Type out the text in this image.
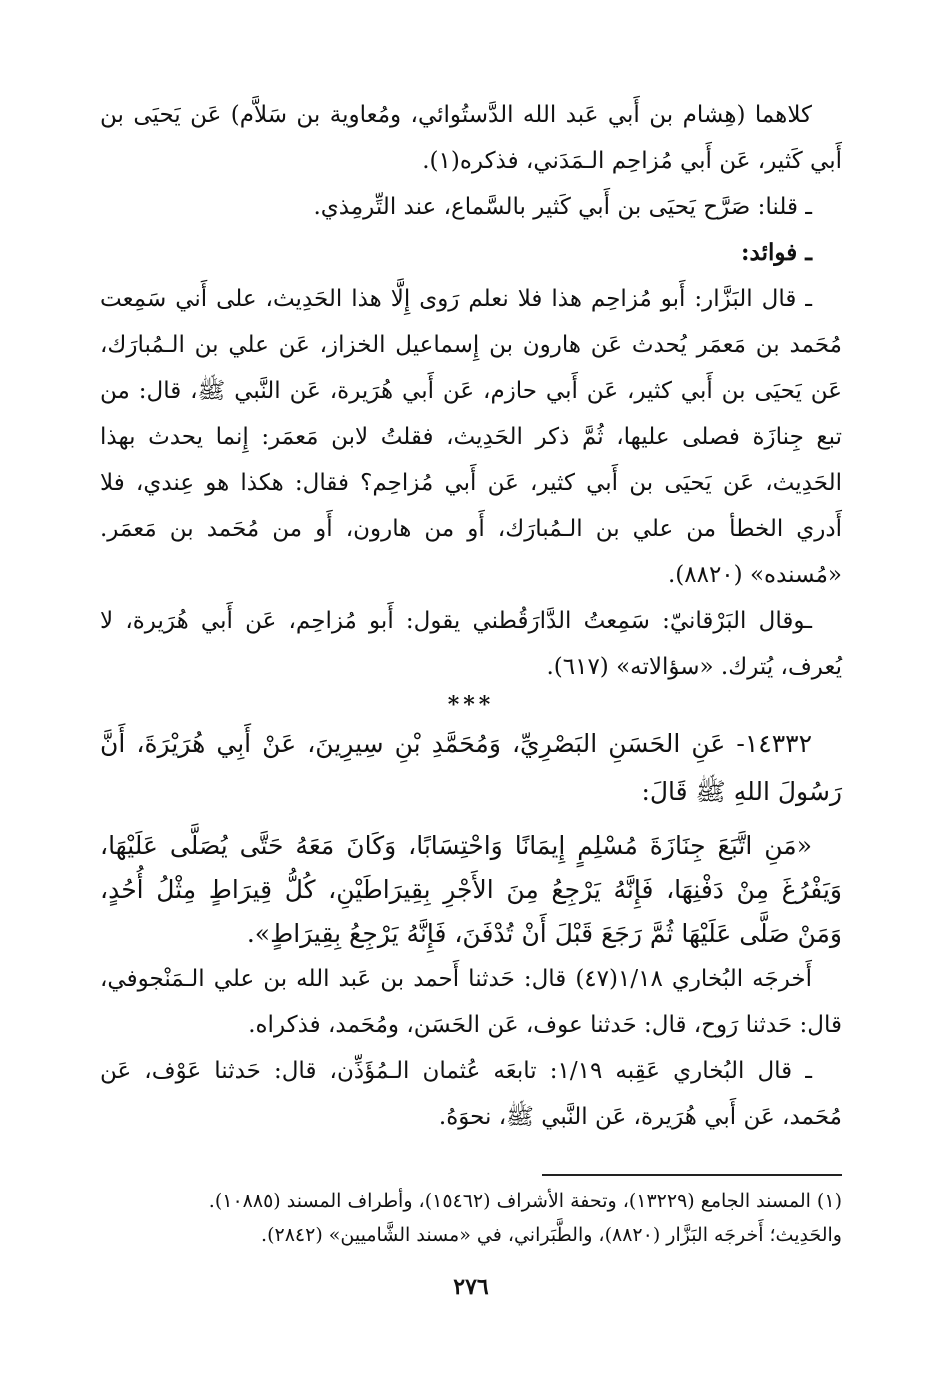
كلاهما (هِشام بن أَبي عَبد الله الدَّستُوائي، ومُعاوية بن سَلاَّم) عَن يَحيَى بن أَبي كَثير، عَن أَبي مُزاحِم الـمَدَني، فذكره(١).

ـ قلنا: صَرَّح يَحيَى بن أَبي كَثير بالسَّماع، عند التِّرمِذي.

ـ فوائد:

ـ قال البَزَّار: أَبو مُزاحِم هذا فلا نعلم رَوى إِلَّا هذا الحَدِيث، على أَني سَمِعت مُحَمد بن مَعمَر يُحدث عَن هارون بن إِسماعيل الخزاز، عَن علي بن الـمُبارَك، عَن يَحيَى بن أَبي كثير، عَن أَبي حازم، عَن أَبي هُرَيرة، عَن النَّبي ﷺ، قال: من تبع جِنازَة فصلى عليها، ثُمَّ ذكر الحَدِيث، فقلتُ لابن مَعمَر: إِنما يحدث بهذا الحَدِيث، عَن يَحيَى بن أَبي كثير، عَن أَبي مُزاحِم؟ فقال: هكذا هو عِندي، فلا أَدري الخطأ من علي بن الـمُبارَك، أَو من هارون، أَو من مُحَمد بن مَعمَر. «مُسنده» (٨٨٢٠).

ـوقال البَرْقانيّ: سَمِعتُ الدَّارَقُطني يقول: أَبو مُزاحِم، عَن أَبي هُرَيرة، لا يُعرف، يُترك. «سؤالاته» (٦١٧).

***

١٤٣٣٢- عَنِ الحَسَنِ البَصْرِيِّ، وَمُحَمَّدِ بْنِ سِيرِينَ، عَنْ أَبِي هُرَيْرَةَ، أَنَّ رَسُولَ اللهِ ﷺ قَالَ:

«مَنِ اتَّبَعَ جِنَازَةَ مُسْلِمٍ إِيمَانًا وَاحْتِسَابًا، وَكَانَ مَعَهُ حَتَّى يُصَلَّى عَلَيْهَا، وَيَفْرُغَ مِنْ دَفْنِهَا، فَإِنَّهُ يَرْجِعُ مِنَ الأَجْرِ بِقِيرَاطَيْنِ، كُلُّ قِيرَاطٍ مِثْلُ أُحُدٍ، وَمَنْ صَلَّى عَلَيْهَا ثُمَّ رَجَعَ قَبْلَ أَنْ تُدْفَنَ، فَإِنَّهُ يَرْجِعُ بِقِيرَاطٍ».

أَخرجَه البُخاري ١/١٨(٤٧) قال: حَدثنا أَحمد بن عَبد الله بن علي الـمَنْجوفي، قال: حَدثنا رَوح، قال: حَدثنا عوف، عَن الحَسَن، ومُحَمد، فذكراه.

ـ قال البُخاري عَقِبه ١/١٩: تابعَه عُثمان الـمُؤَذِّن، قال: حَدثنا عَوْف، عَن مُحَمد، عَن أَبي هُرَيرة، عَن النَّبي ﷺ، نحوَهُ.

(١) المسند الجامع (١٣٢٢٩)، وتحفة الأشراف (١٥٤٦٢)، وأطراف المسند (١٠٨٨٥).

والحَدِيث؛ أَخرجَه البَزَّار (٨٨٢٠)، والطَّبَراني، في «مسند الشَّاميين» (٢٨٤٢).

٢٧٦
